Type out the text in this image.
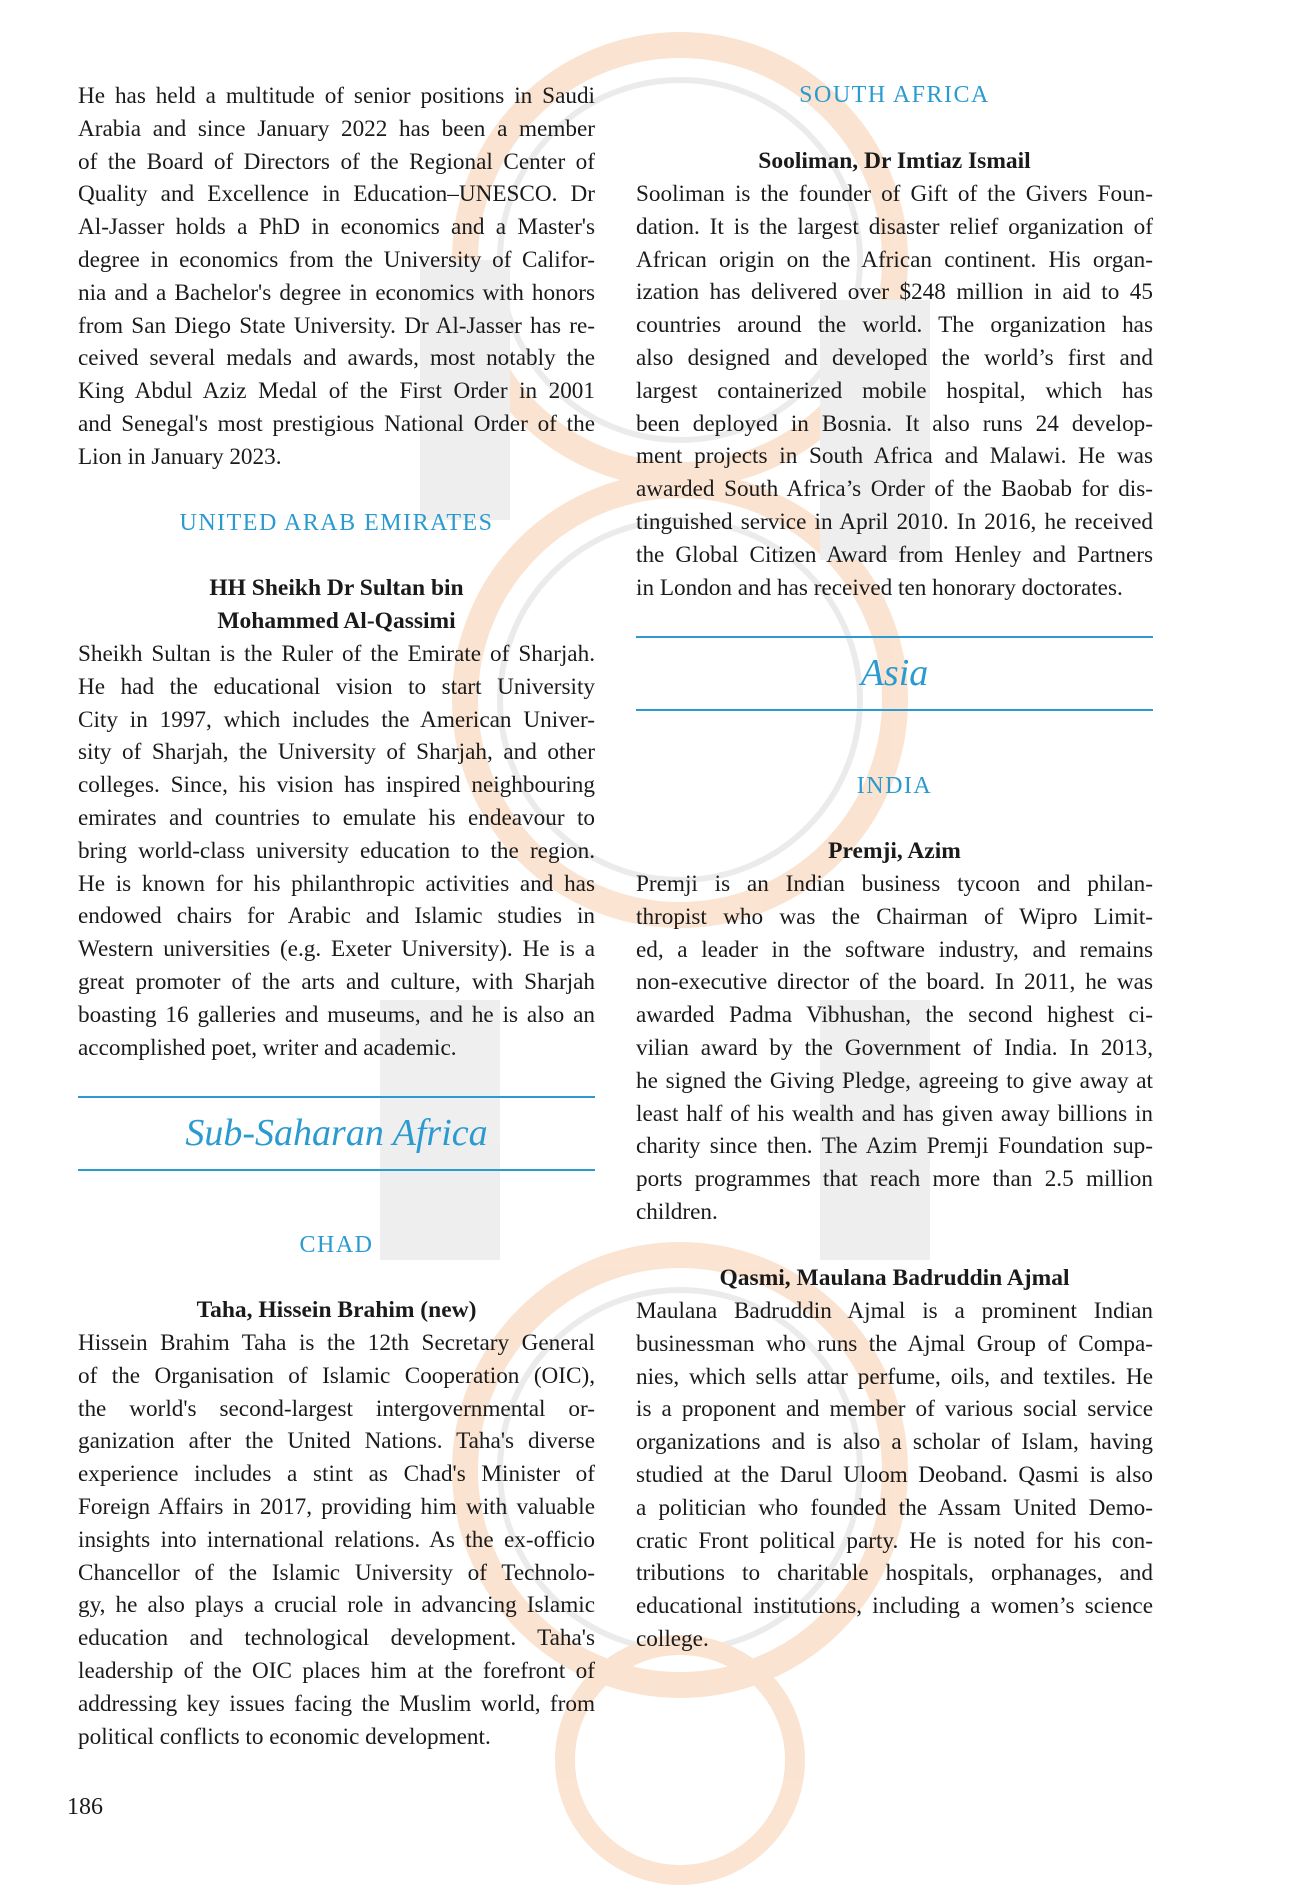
He has held a multitude of senior positions in Saudi
Arabia and since January 2022 has been a member
of the Board of Directors of the Regional Center of
Quality and Excellence in Education–UNESCO. Dr
Al-Jasser holds a PhD in economics and a Master's
degree in economics from the University of Califor-
nia and a Bachelor's degree in economics with honors
from San Diego State University. Dr Al-Jasser has re-
ceived several medals and awards, most notably the
King Abdul Aziz Medal of the First Order in 2001
and Senegal's most prestigious National Order of the
Lion in January 2023.
UNITED ARAB EMIRATES
HH Sheikh Dr Sultan bin
Mohammed Al-Qassimi
Sheikh Sultan is the Ruler of the Emirate of Sharjah.
He had the educational vision to start University
City in 1997, which includes the American Univer-
sity of Sharjah, the University of Sharjah, and other
colleges. Since, his vision has inspired neighbouring
emirates and countries to emulate his endeavour to
bring world-class university education to the region.
He is known for his philanthropic activities and has
endowed chairs for Arabic and Islamic studies in
Western universities (e.g. Exeter University). He is a
great promoter of the arts and culture, with Sharjah
boasting 16 galleries and museums, and he is also an
accomplished poet, writer and academic.
Sub-Saharan Africa
CHAD
Taha, Hissein Brahim (new)
Hissein Brahim Taha is the 12th Secretary General
of the Organisation of Islamic Cooperation (OIC),
the world's second-largest intergovernmental or-
ganization after the United Nations. Taha's diverse
experience includes a stint as Chad's Minister of
Foreign Affairs in 2017, providing him with valuable
insights into international relations. As the ex-officio
Chancellor of the Islamic University of Technolo-
gy, he also plays a crucial role in advancing Islamic
education and technological development. Taha's
leadership of the OIC places him at the forefront of
addressing key issues facing the Muslim world, from
political conflicts to economic development.
186
SOUTH AFRICA
Sooliman, Dr Imtiaz Ismail
Sooliman is the founder of Gift of the Givers Foun-
dation. It is the largest disaster relief organization of
African origin on the African continent. His organ-
ization has delivered over $248 million in aid to 45
countries around the world. The organization has
also designed and developed the world’s first and
largest containerized mobile hospital, which has
been deployed in Bosnia. It also runs 24 develop-
ment projects in South Africa and Malawi. He was
awarded South Africa’s Order of the Baobab for dis-
tinguished service in April 2010. In 2016, he received
the Global Citizen Award from Henley and Partners
in London and has received ten honorary doctorates.
Asia
INDIA
Premji, Azim
Premji is an Indian business tycoon and philan-
thropist who was the Chairman of Wipro Limit-
ed, a leader in the software industry, and remains
non-executive director of the board. In 2011, he was
awarded Padma Vibhushan, the second highest ci-
vilian award by the Government of India. In 2013,
he signed the Giving Pledge, agreeing to give away at
least half of his wealth and has given away billions in
charity since then. The Azim Premji Foundation sup-
ports programmes that reach more than 2.5 million
children.
Qasmi, Maulana Badruddin Ajmal
Maulana Badruddin Ajmal is a prominent Indian
businessman who runs the Ajmal Group of Compa-
nies, which sells attar perfume, oils, and textiles. He
is a proponent and member of various social service
organizations and is also a scholar of Islam, having
studied at the Darul Uloom Deoband. Qasmi is also
a politician who founded the Assam United Demo-
cratic Front political party. He is noted for his con-
tributions to charitable hospitals, orphanages, and
educational institutions, including a women’s science
college.
